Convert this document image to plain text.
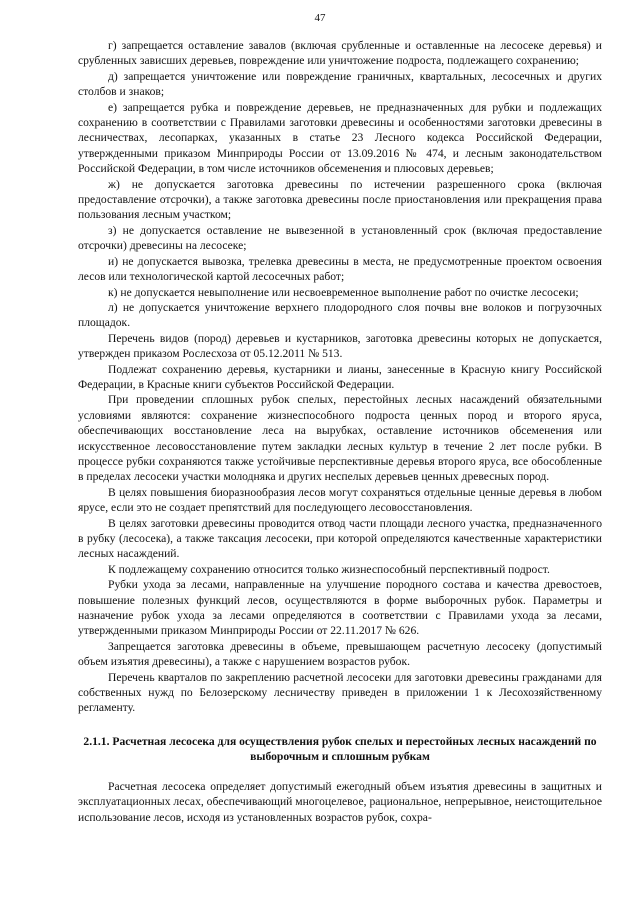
47

г) запрещается оставление завалов (включая срубленные и оставленные на лесосеке деревья) и срубленных зависших деревьев, повреждение или уничтожение подроста, подлежащего сохранению;

д) запрещается уничтожение или повреждение граничных, квартальных, лесосечных и других столбов и знаков;

е) запрещается рубка и повреждение деревьев, не предназначенных для рубки и подлежащих сохранению в соответствии с Правилами заготовки древесины и особенностями заготовки древесины в лесничествах, лесопарках, указанных в статье 23 Лесного кодекса Российской Федерации, утвержденными приказом Минприроды России от 13.09.2016 № 474, и лесным законодательством Российской Федерации, в том числе источников обсеменения и плюсовых деревьев;

ж) не допускается заготовка древесины по истечении разрешенного срока (включая предоставление отсрочки), а также заготовка древесины после приостановления или прекращения права пользования лесным участком;

з) не допускается оставление не вывезенной в установленный срок (включая предоставление отсрочки) древесины на лесосеке;

и) не допускается вывозка, трелевка древесины в места, не предусмотренные проектом освоения лесов или технологической картой лесосечных работ;

к) не допускается невыполнение или несвоевременное выполнение работ по очистке лесосеки;

л) не допускается уничтожение верхнего плодородного слоя почвы вне волоков и погрузочных площадок.

Перечень видов (пород) деревьев и кустарников, заготовка древесины которых не допускается, утвержден приказом Рослесхоза от 05.12.2011 № 513.

Подлежат сохранению деревья, кустарники и лианы, занесенные в Красную книгу Российской Федерации, в Красные книги субъектов Российской Федерации.

При проведении сплошных рубок спелых, перестойных лесных насаждений обязательными условиями являются: сохранение жизнеспособного подроста ценных пород и второго яруса, обеспечивающих восстановление леса на вырубках, оставление источников обсеменения или искусственное лесовосстановление путем закладки лесных культур в течение 2 лет после рубки. В процессе рубки сохраняются также устойчивые перспективные деревья второго яруса, все обособленные в пределах лесосеки участки молодняка и других неспелых деревьев ценных древесных пород.

В целях повышения биоразнообразия лесов могут сохраняться отдельные ценные деревья в любом ярусе, если это не создает препятствий для последующего лесовосстановления.

В целях заготовки древесины проводится отвод части площади лесного участка, предназначенного в рубку (лесосека), а также таксация лесосеки, при которой определяются качественные характеристики лесных насаждений.

К подлежащему сохранению относится только жизнеспособный перспективный подрост.

Рубки ухода за лесами, направленные на улучшение породного состава и качества древостоев, повышение полезных функций лесов, осуществляются в форме выборочных рубок. Параметры и назначение рубок ухода за лесами определяются в соответствии с Правилами ухода за лесами, утвержденными приказом Минприроды России от 22.11.2017 № 626.

Запрещается заготовка древесины в объеме, превышающем расчетную лесосеку (допустимый объем изъятия древесины), а также с нарушением возрастов рубок.

Перечень кварталов по закреплению расчетной лесосеки для заготовки древесины гражданами для собственных нужд по Белозерскому лесничеству приведен в приложении 1 к Лесохозяйственному регламенту.

2.1.1. Расчетная лесосека для осуществления рубок спелых и перестойных лесных насаждений по выборочным и сплошным рубкам

Расчетная лесосека определяет допустимый ежегодный объем изъятия древесины в защитных и эксплуатационных лесах, обеспечивающий многоцелевое, рациональное, непрерывное, неистощительное использование лесов, исходя из установленных возрастов рубок, сохра-
